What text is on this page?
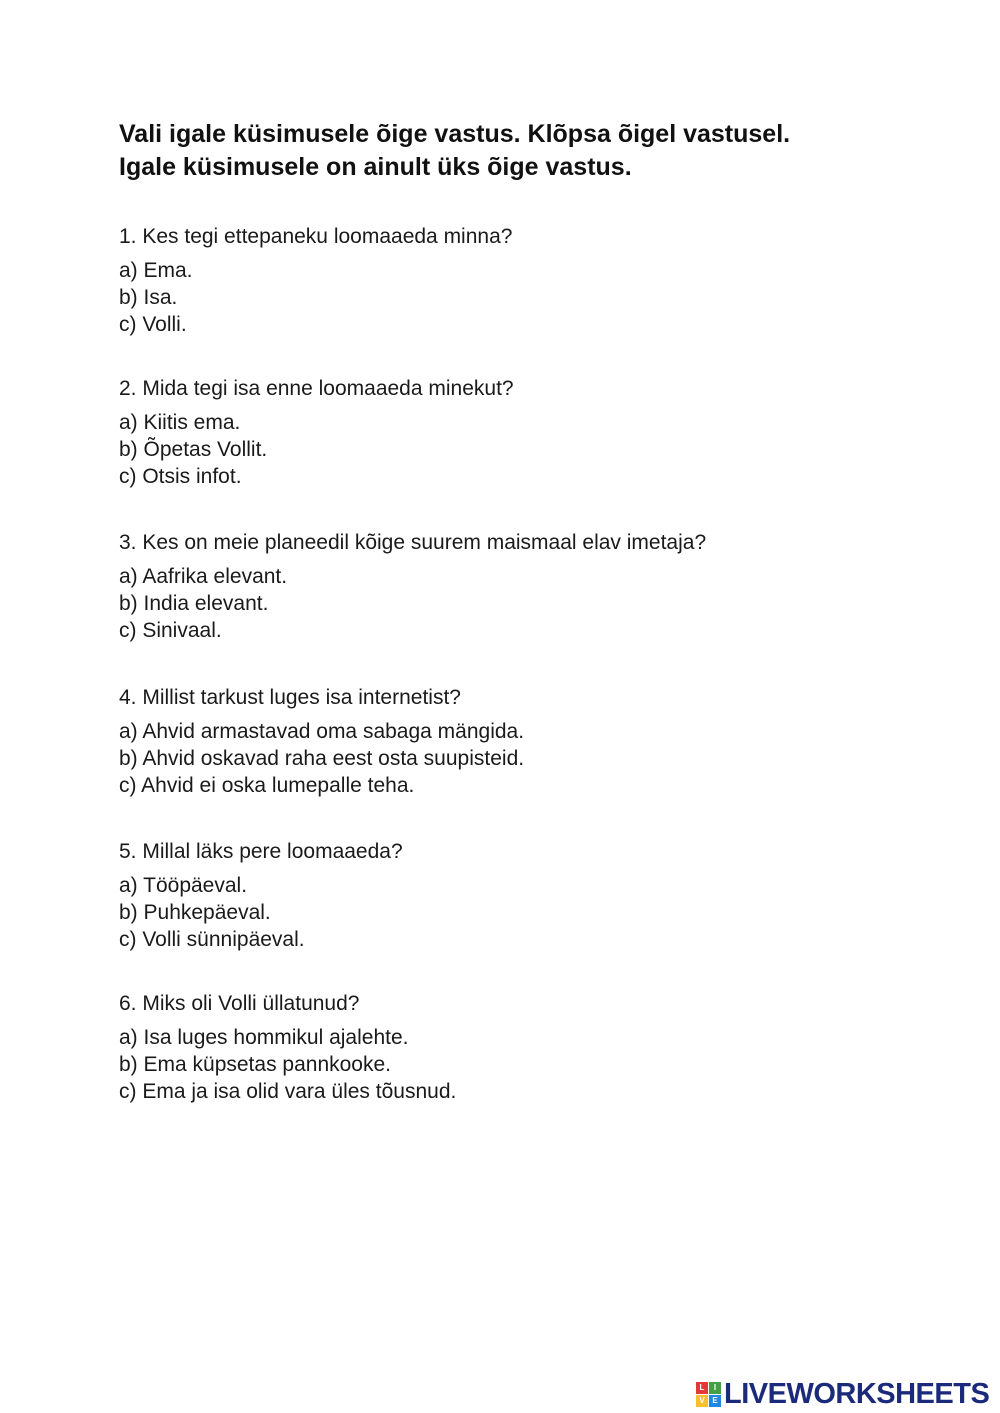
Vali igale küsimusele õige vastus. Klõpsa õigel vastusel.
Igale küsimusele on ainult üks õige vastus.
1. Kes tegi ettepaneku loomaaeda minna?
a) Ema.
b) Isa.
c) Volli.
2. Mida tegi isa enne loomaaeda minekut?
a) Kiitis ema.
b) Õpetas Vollit.
c) Otsis infot.
3. Kes on meie planeedil kõige suurem maismaal elav imetaja?
a) Aafrika elevant.
b) India elevant.
c) Sinivaal.
4. Millist tarkust luges isa internetist?
a) Ahvid armastavad oma sabaga mängida.
b) Ahvid oskavad raha eest osta suupisteid.
c) Ahvid ei oska lumepalle teha.
5. Millal läks pere loomaaeda?
a) Tööpäeval.
b) Puhkepäeval.
c) Volli sünnipäeval.
6. Miks oli Volli üllatunud?
a) Isa luges hommikul ajalehte.
b) Ema küpsetas pannkooke.
c) Ema ja isa olid vara üles tõusnud.
L	I
V E LIVEWORKSHEETS
